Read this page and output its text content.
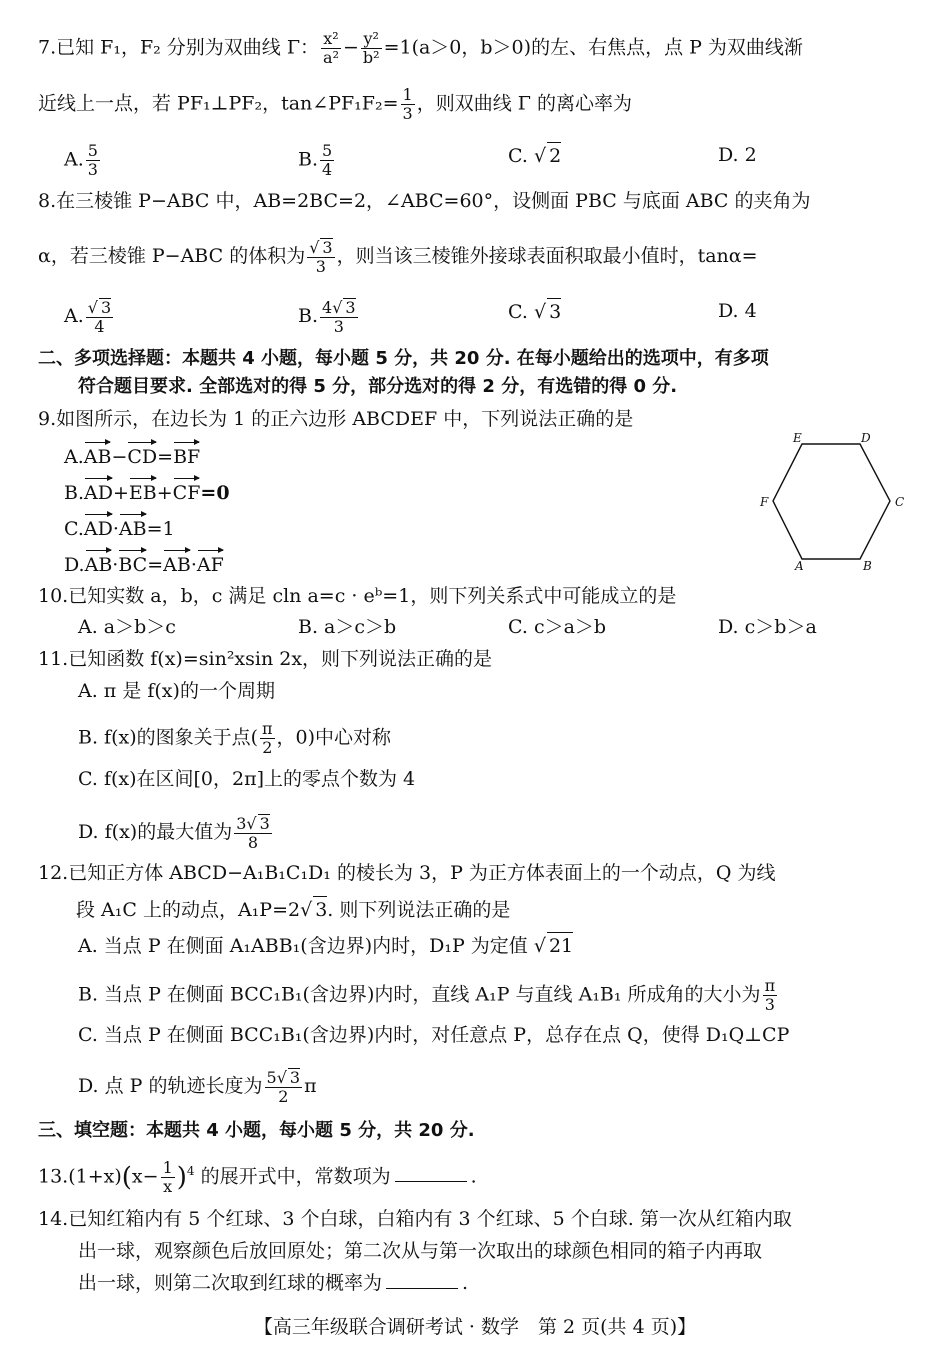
7.已知 F₁，F₂ 分别为双曲线 Γ： $\frac{\text{x²}}{\text{a²}} - \frac{\text{y²}}{\text{b²}} =1(a>0$，b＞0)的左、右焦点，点 P 为双曲线渐
近线上一点，若 PF₁⊥PF₂，tan∠PF₁F₂= $\frac{1}{3}$ ，则双曲线 Γ 的离心率为
A. $\frac{5}{3}$	B. $\frac{5}{4}$	C. √ 2	D. 2
8.在三棱锥 P−ABC 中，AB=2BC=2，∠ABC=60°，设侧面 PBC 与底面 ABC 的夹角为
α，若三棱锥 P−ABC 的体积为 $\frac{√ 3}{3}$ ，则当该三棱锥外接球表面积取最小值时，tanα=
A. $\frac{√ 3}{4}$	B. $\frac{4√ 3}{3}$	C. √ 3	D. 4
二、多项选择题：本题共 4 小题，每小题 5 分，共 20 分. 在每小题给出的选项中，有多项
符合题目要求. 全部选对的得 5 分，部分选对的得 2 分，有选错的得 0 分.
9.如图所示，在边长为 1 的正六边形 ABCDEF 中，下列说法正确的是
A.AB−CD=BF
B.AD+EB+CF=0
C.AD·AB=1
D.AB·BC=AB·AF	A	B
C
D
E
F
10.已知实数 a，b，c 满足 cln a=c · eᵇ=1，则下列关系式中可能成立的是
A. a＞b＞c	B. a＞c＞b	C. c＞a＞b	D. c＞b＞a
11.已知函数 f(x)=sin²xsin 2x，则下列说法正确的是
A. π 是 f(x)的一个周期
B. f(x)的图象关于点( $\frac{\pi}{2}$ ，0)中心对称
C. f(x)在区间[0，2π]上的零点个数为 4
D. f(x)的最大值为 $\frac{3√ 3}{8}$
12.已知正方体 ABCD−A₁B₁C₁D₁ 的棱长为 3，P 为正方体表面上的一个动点，Q 为线
段 A₁C 上的动点，A₁P=2√ 3. 则下列说法正确的是
A. 当点 P 在侧面 A₁ABB₁(含边界)内时，D₁P 为定值 √ 21
B. 当点 P 在侧面 BCC₁B₁(含边界)内时，直线 A₁P 与直线 A₁B₁ 所成角的大小为 $\frac{\pi}{3}$
C. 当点 P 在侧面 BCC₁B₁(含边界)内时，对任意点 P，总存在点 Q，使得 D₁Q⊥CP
D. 点 P 的轨迹长度为 $\frac{5√ 3}{2}$ π
三、填空题：本题共 4 小题，每小题 5 分，共 20 分.
$13.(1+x)(x- \frac{1}{x} )^4$ 的展开式中，常数项为	.
14.已知红箱内有 5 个红球、3 个白球，白箱内有 3 个红球、5 个白球. 第一次从红箱内取
出一球，观察颜色后放回原处；第二次从与第一次取出的球颜色相同的箱子内再取
出一球，则第二次取到红球的概率为	.
【高三年级联合调研考试 · 数学　第 2 页(共 4 页)】
